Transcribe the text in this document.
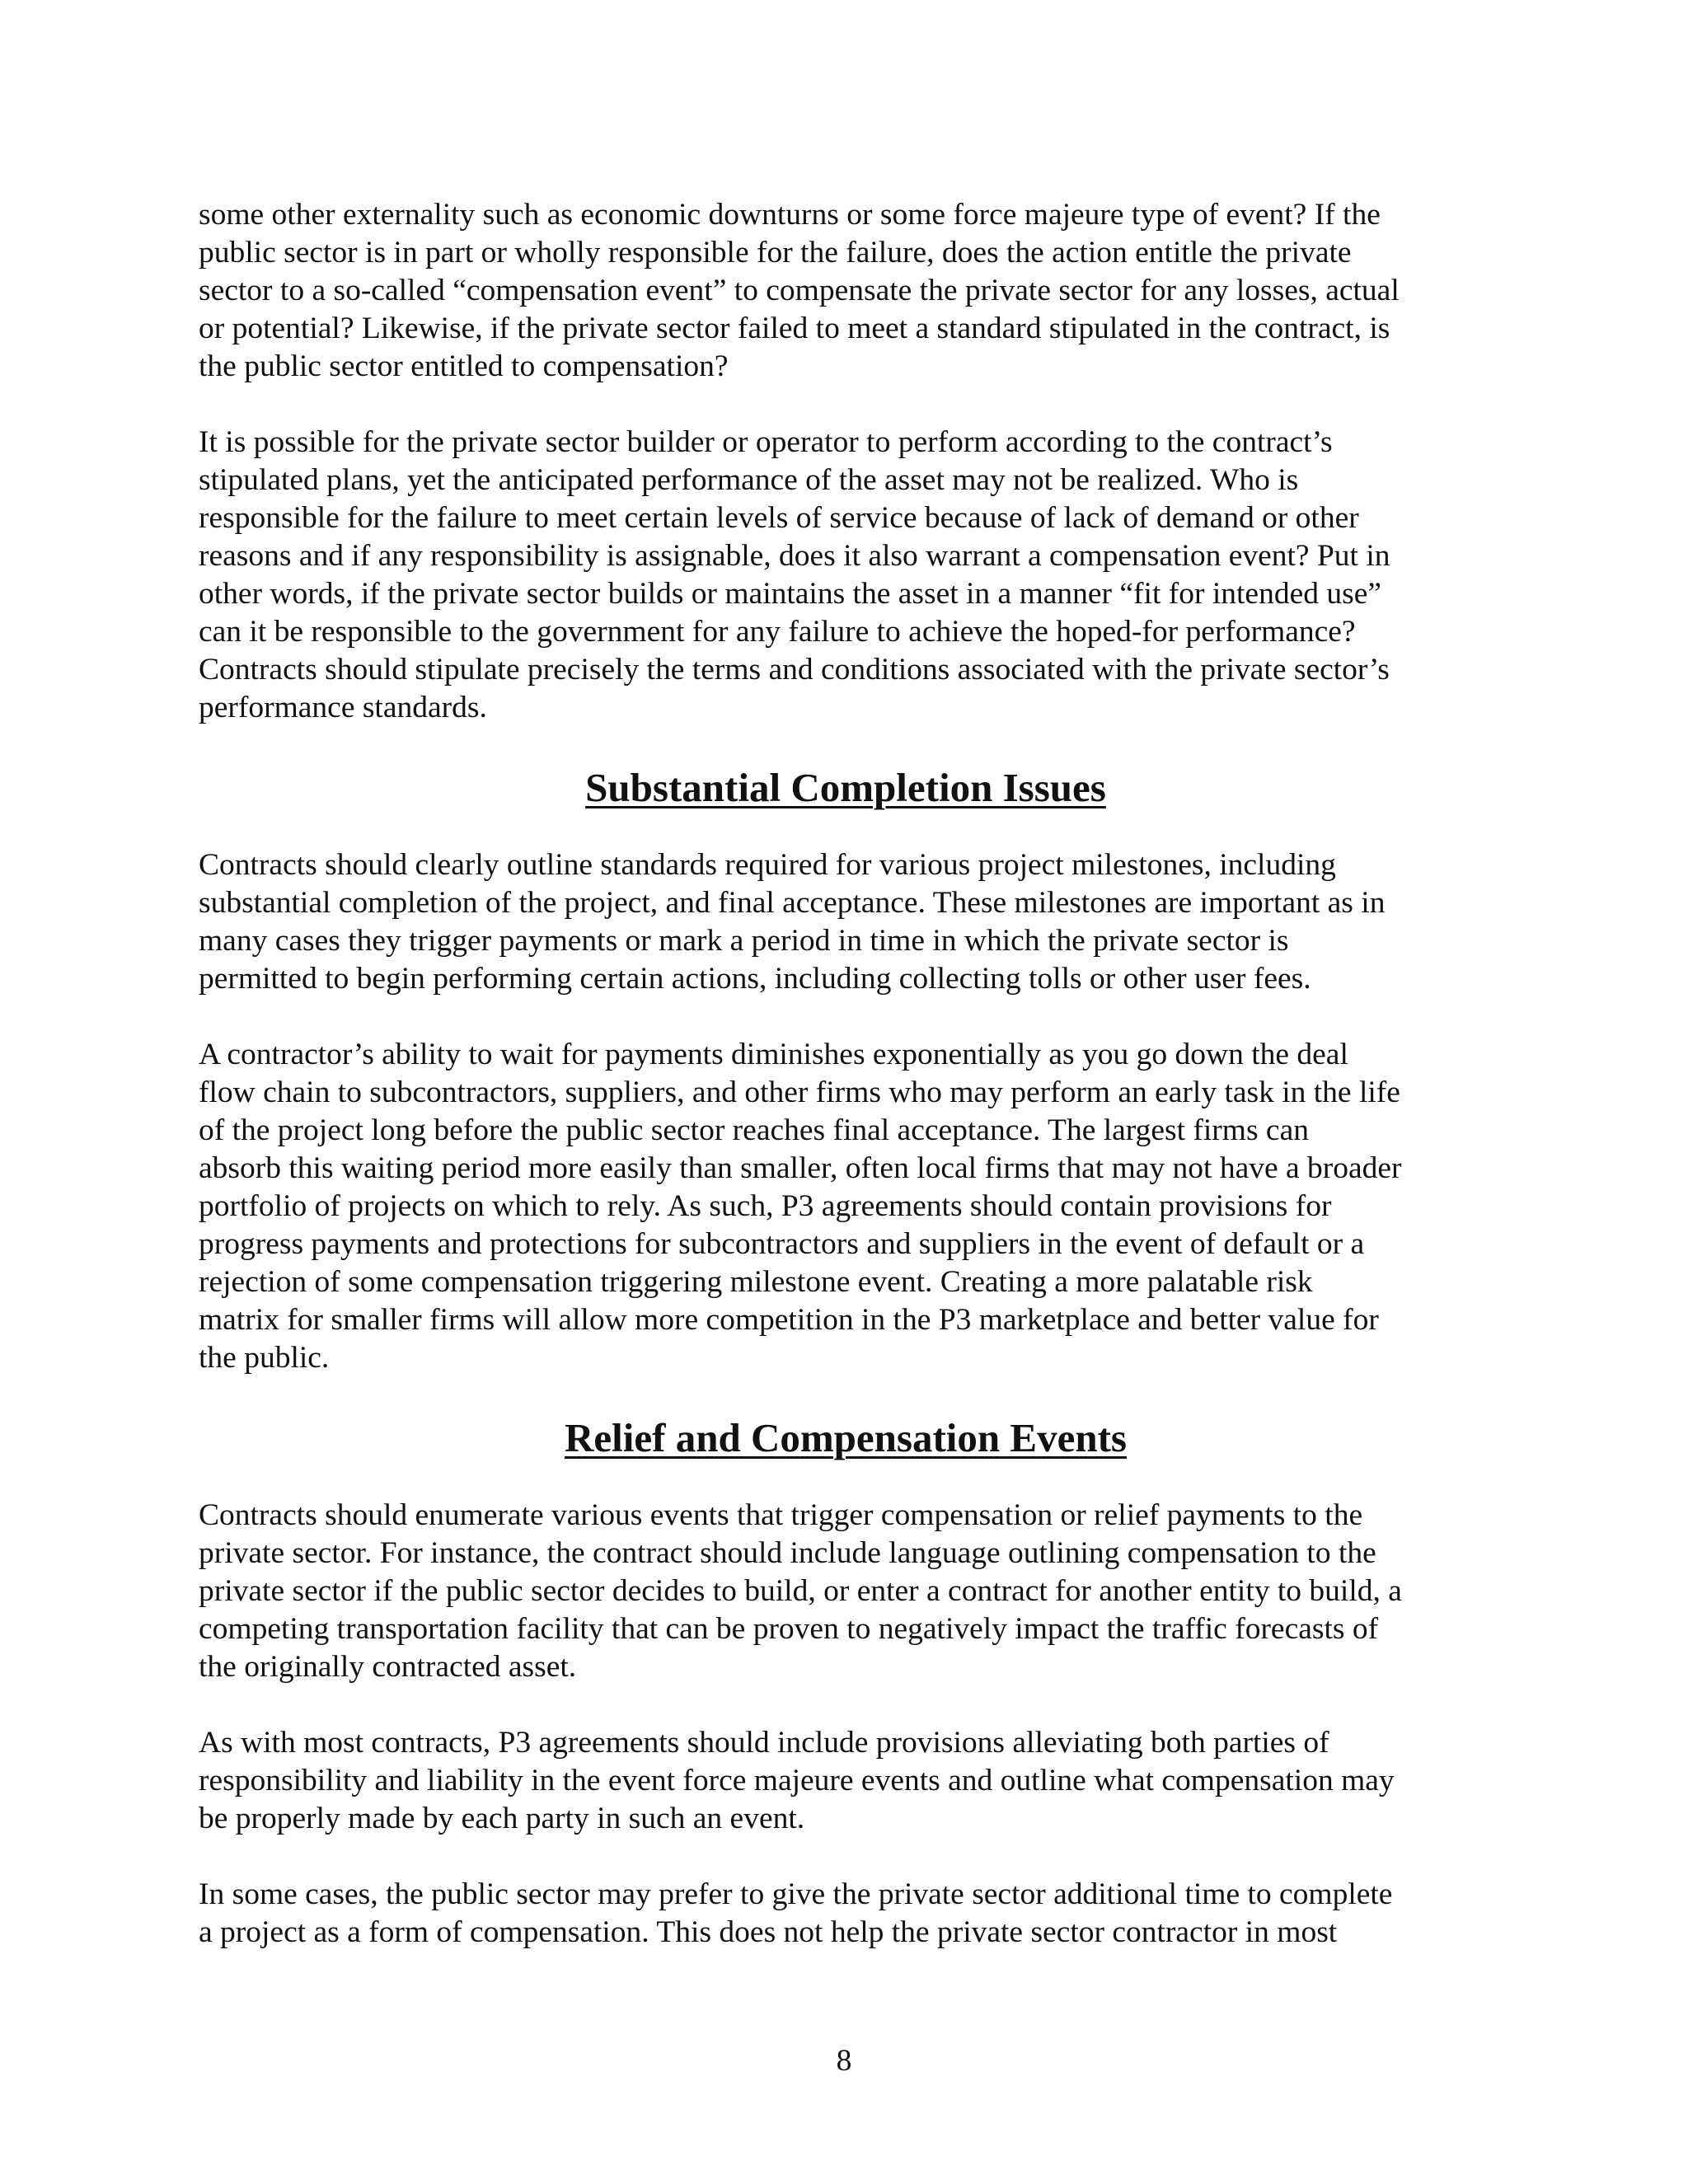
some other externality such as economic downturns or some force majeure type of event? If the
public sector is in part or wholly responsible for the failure, does the action entitle the private
sector to a so-called “compensation event” to compensate the private sector for any losses, actual
or potential? Likewise, if the private sector failed to meet a standard stipulated in the contract, is
the public sector entitled to compensation?

It is possible for the private sector builder or operator to perform according to the contract’s
stipulated plans, yet the anticipated performance of the asset may not be realized. Who is
responsible for the failure to meet certain levels of service because of lack of demand or other
reasons and if any responsibility is assignable, does it also warrant a compensation event? Put in
other words, if the private sector builds or maintains the asset in a manner “fit for intended use”
can it be responsible to the government for any failure to achieve the hoped-for performance?
Contracts should stipulate precisely the terms and conditions associated with the private sector’s
performance standards.

Substantial Completion Issues

Contracts should clearly outline standards required for various project milestones, including
substantial completion of the project, and final acceptance. These milestones are important as in
many cases they trigger payments or mark a period in time in which the private sector is
permitted to begin performing certain actions, including collecting tolls or other user fees.

A contractor’s ability to wait for payments diminishes exponentially as you go down the deal
flow chain to subcontractors, suppliers, and other firms who may perform an early task in the life
of the project long before the public sector reaches final acceptance. The largest firms can
absorb this waiting period more easily than smaller, often local firms that may not have a broader
portfolio of projects on which to rely. As such, P3 agreements should contain provisions for
progress payments and protections for subcontractors and suppliers in the event of default or a
rejection of some compensation triggering milestone event. Creating a more palatable risk
matrix for smaller firms will allow more competition in the P3 marketplace and better value for
the public.

Relief and Compensation Events

Contracts should enumerate various events that trigger compensation or relief payments to the
private sector. For instance, the contract should include language outlining compensation to the
private sector if the public sector decides to build, or enter a contract for another entity to build, a
competing transportation facility that can be proven to negatively impact the traffic forecasts of
the originally contracted asset.

As with most contracts, P3 agreements should include provisions alleviating both parties of
responsibility and liability in the event force majeure events and outline what compensation may
be properly made by each party in such an event.

In some cases, the public sector may prefer to give the private sector additional time to complete
a project as a form of compensation. This does not help the private sector contractor in most

8
